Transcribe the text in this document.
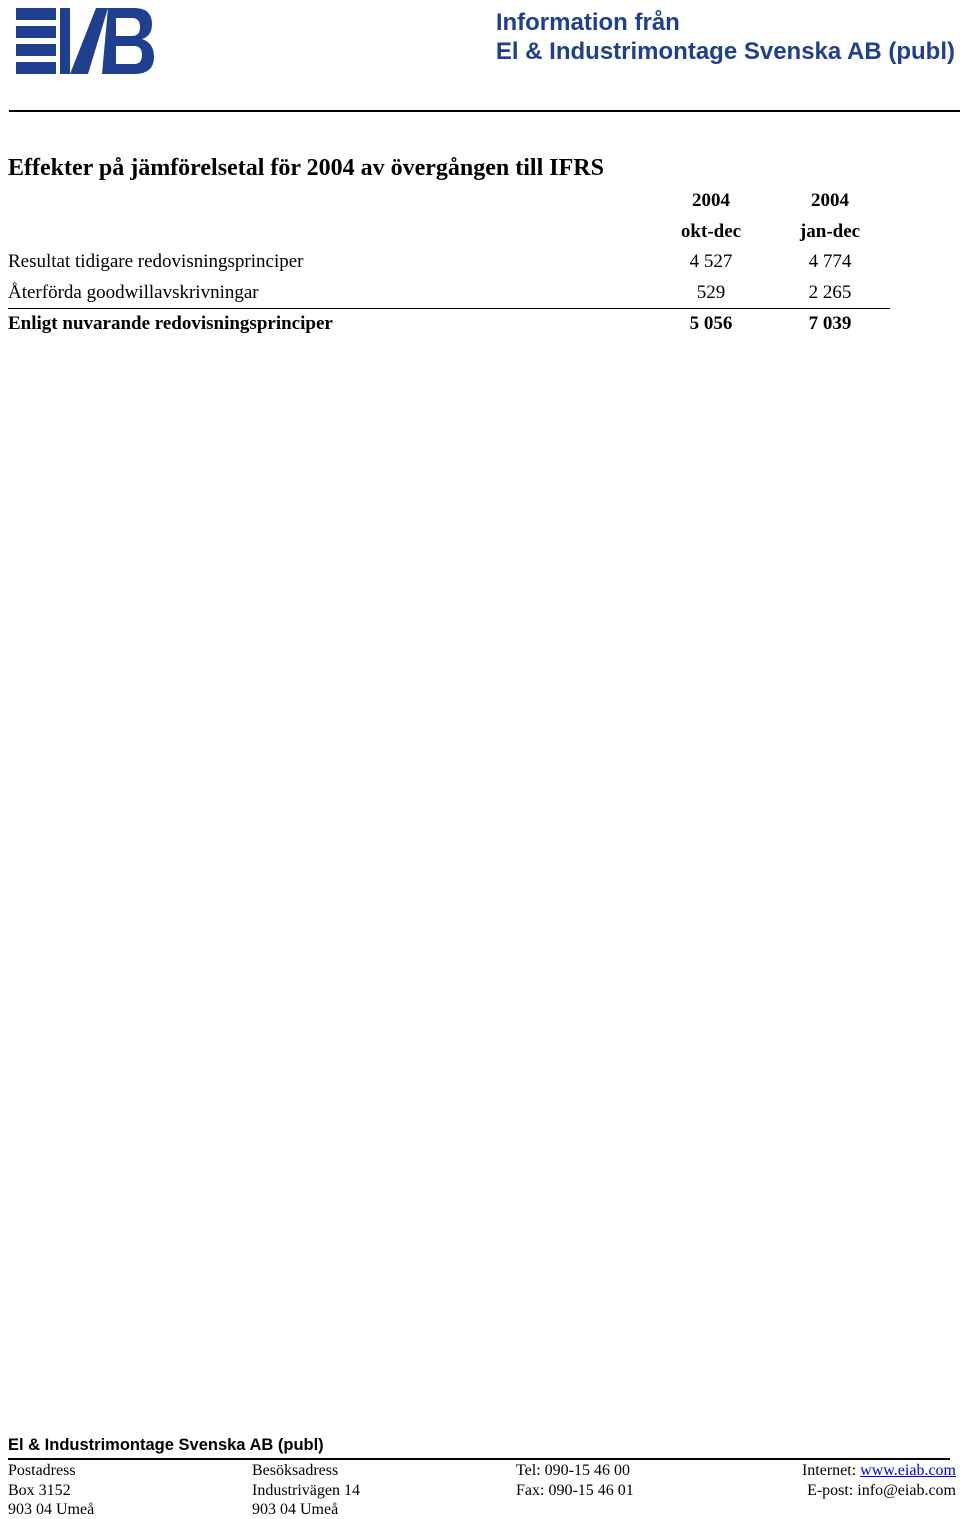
Information från
El & Industrimontage Svenska AB (publ)
Effekter på jämförelsetal för 2004 av övergången till IFRS
2004	2004
okt-dec	jan-dec
Resultat tidigare redovisningsprinciper	4 527	4 774
Återförda goodwillavskrivningar	529	2 265
Enligt nuvarande redovisningsprinciper	5 056	7 039
El & Industrimontage Svenska AB (publ)
Postadress
Box 3152
903 04 Umeå
Besöksadress
Industrivägen 14
903 04 Umeå
Tel: 090-15 46 00
Fax: 090-15 46 01
Internet: www.eiab.com
E-post: info@eiab.com
